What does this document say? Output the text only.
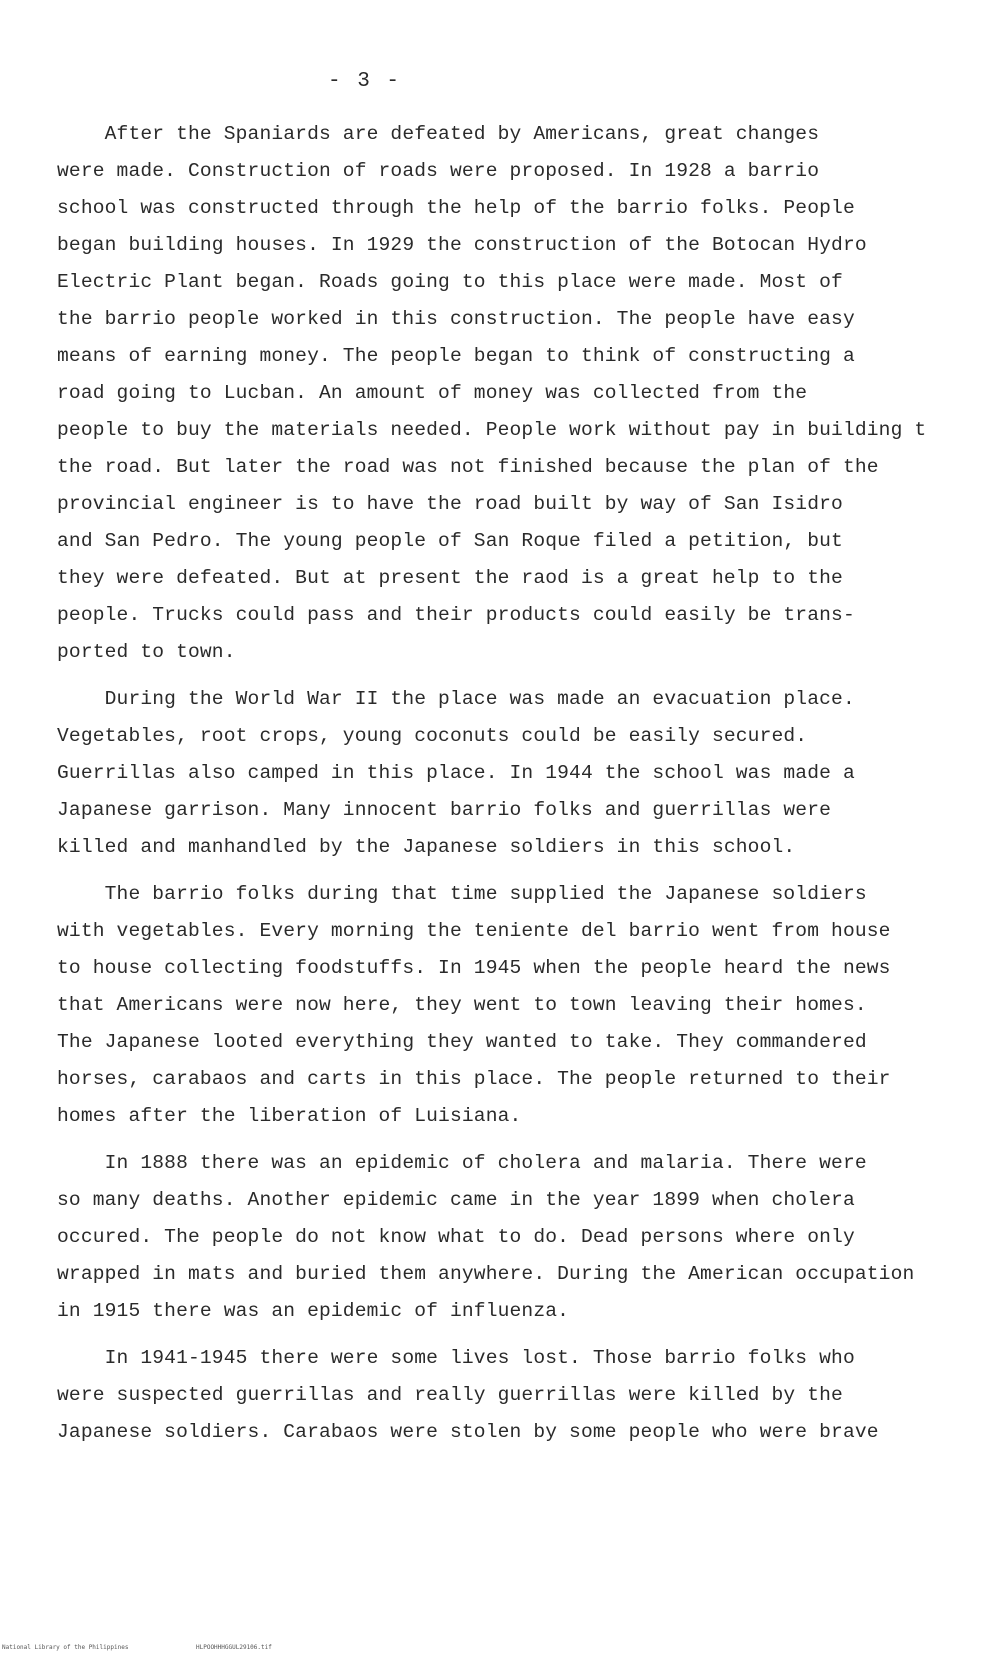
- 3 -

After the Spaniards are defeated by Americans, great changes
were made. Construction of roads were proposed. In 1928 a barrio
school was constructed through the help of the barrio folks. People
began building houses. In 1929 the construction of the Botocan Hydro
Electric Plant began. Roads going to this place were made. Most of
the barrio people worked in this construction. The people have easy
means of earning money. The people began to think of constructing a
road going to Lucban. An amount of money was collected from the
people to buy the materials needed. People work without pay in building t
the road. But later the road was not finished because the plan of the
provincial engineer is to have the road built by way of San Isidro
and San Pedro. The young people of San Roque filed a petition, but
they were defeated. But at present the raod is a great help to the
people. Trucks could pass and their products could easily be trans-
ported to town.

During the World War II the place was made an evacuation place.
Vegetables, root crops, young coconuts could be easily secured.
Guerrillas also camped in this place. In 1944 the school was made a
Japanese garrison. Many innocent barrio folks and guerrillas were
killed and manhandled by the Japanese soldiers in this school.

The barrio folks during that time supplied the Japanese soldiers
with vegetables. Every morning the teniente del barrio went from house
to house collecting foodstuffs. In 1945 when the people heard the news
that Americans were now here, they went to town leaving their homes.
The Japanese looted everything they wanted to take. They commandered
horses, carabaos and carts in this place. The people returned to their
homes after the liberation of Luisiana.

In 1888 there was an epidemic of cholera and malaria. There were
so many deaths. Another epidemic came in the year 1899 when cholera
occured. The people do not know what to do. Dead persons where only
wrapped in mats and buried them anywhere. During the American occupation
in 1915 there was an epidemic of influenza.

In 1941-1945 there were some lives lost. Those barrio folks who
were suspected guerrillas and really guerrillas were killed by the
Japanese soldiers. Carabaos were stolen by some people who were brave

National Library of the Philippines

	HLPOOHHHGGUL29106.tif
